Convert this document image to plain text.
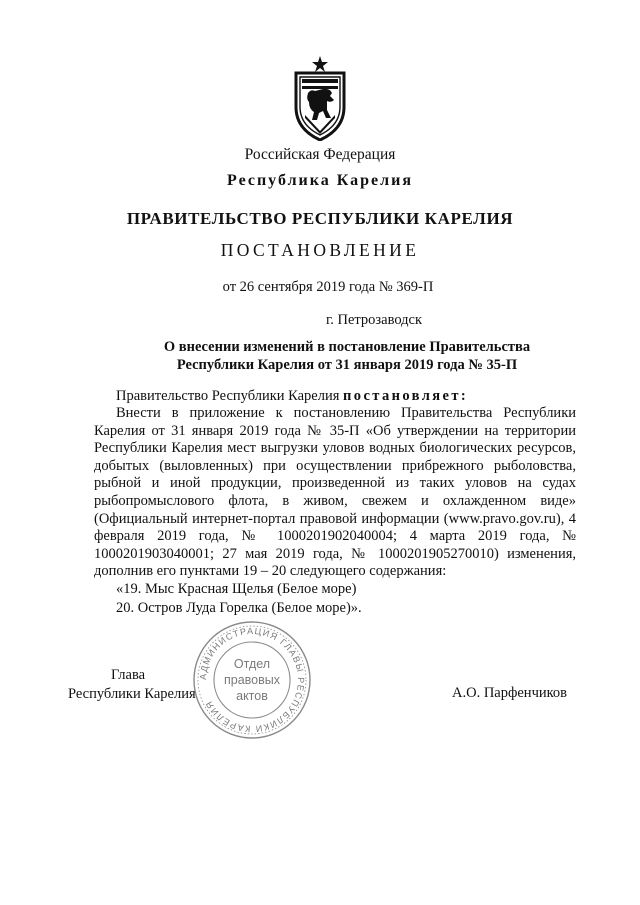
Российская Федерация
Республика Карелия
ПРАВИТЕЛЬСТВО РЕСПУБЛИКИ КАРЕЛИЯ
ПОСТАНОВЛЕНИЕ
от 26 сентября 2019 года № 369-П
г. Петрозаводск
О внесении изменений в постановление Правительства
Республики Карелия от 31 января 2019 года № 35-П
Правительство Республики Карелия постановляет:
Внести в приложение к постановлению Правительства Республики Карелия от 31 января 2019 года № 35-П «Об утверждении на территории Республики Карелия мест выгрузки уловов водных биологических ресурсов, добытых (выловленных) при осуществлении прибрежного рыболовства, рыбной и иной продукции, произведенной из таких уловов на судах рыбопромыслового флота, в живом, свежем и охлажденном виде» (Официальный интернет-портал правовой информации (www.pravo.gov.ru), 4 февраля 2019 года, № 1000201902040004; 4 марта 2019 года, № 1000201903040001; 27 мая 2019 года, № 1000201905270010) изменения, дополнив его пунктами 19 – 20 следующего содержания:
«19. Мыс Красная Щелья (Белое море)
20. Остров Луда Горелка (Белое море)».
Глава
Республики Карелия
АДМИНИСТРАЦИЯ ГЛАВЫ РЕСПУБЛИКИ КАРЕЛИЯ
Отдел
правовых
актов	А.О. Парфенчиков
